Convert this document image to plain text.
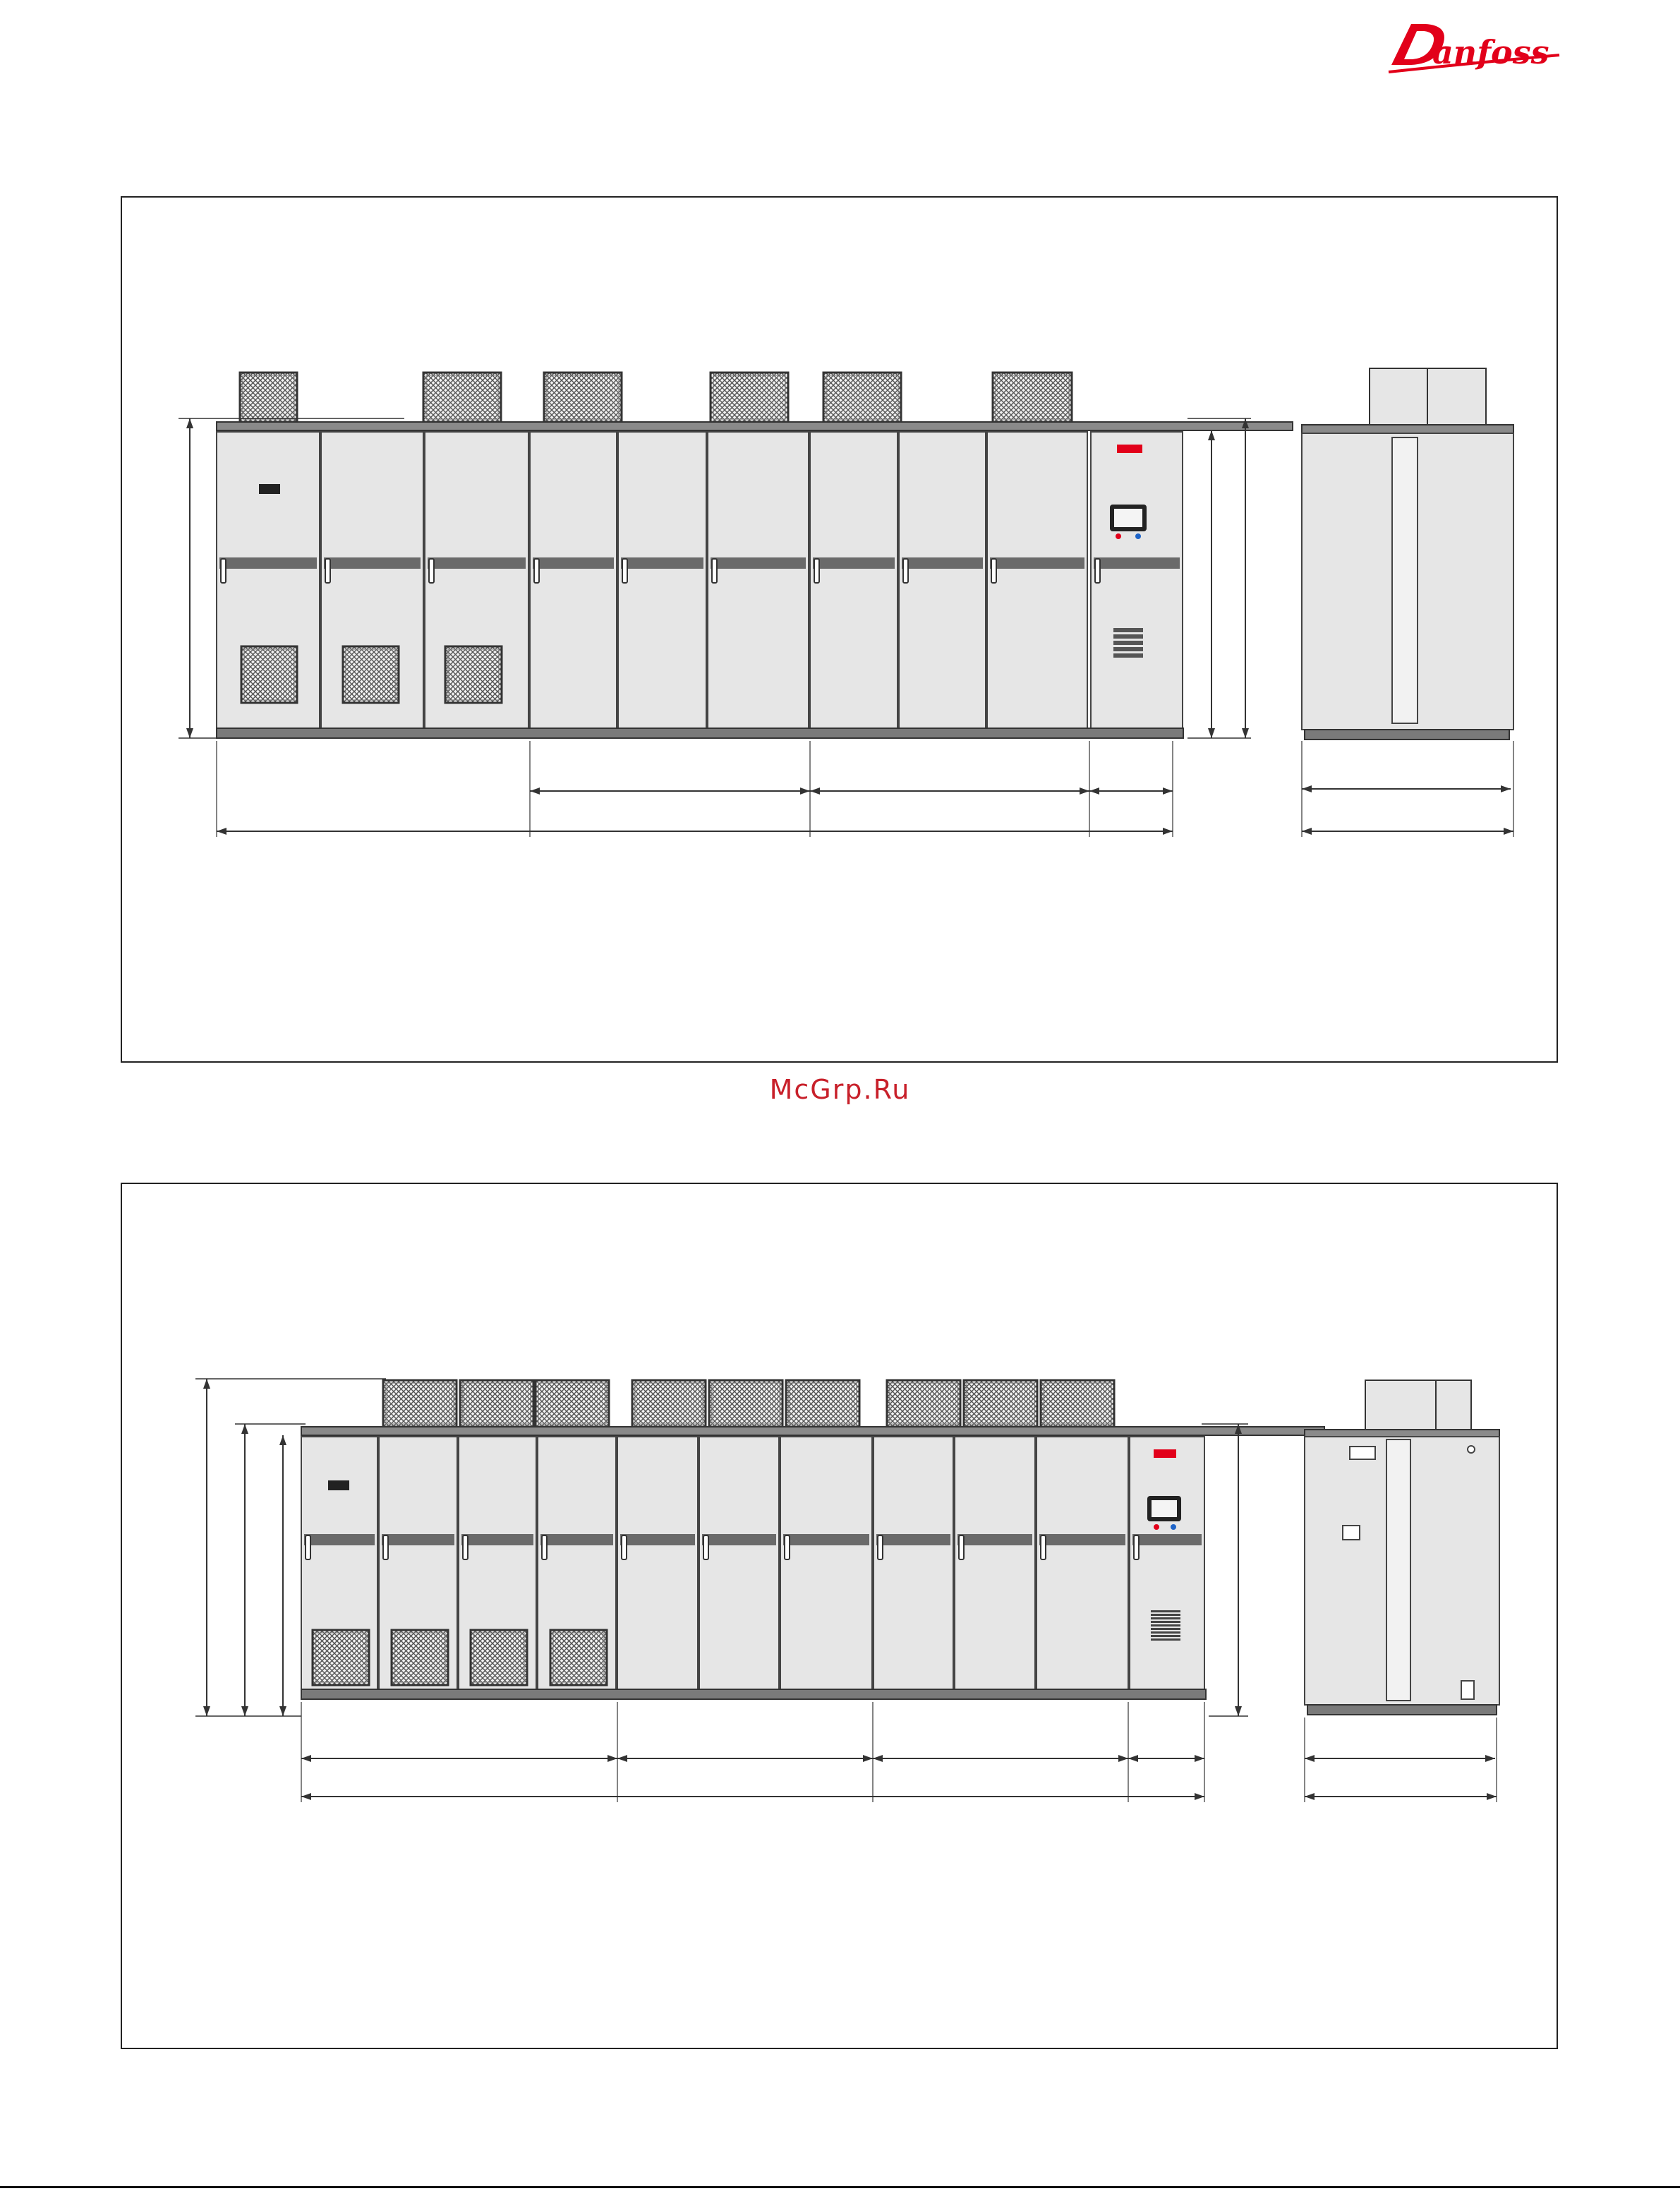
anfoss
McGrp.Ru
